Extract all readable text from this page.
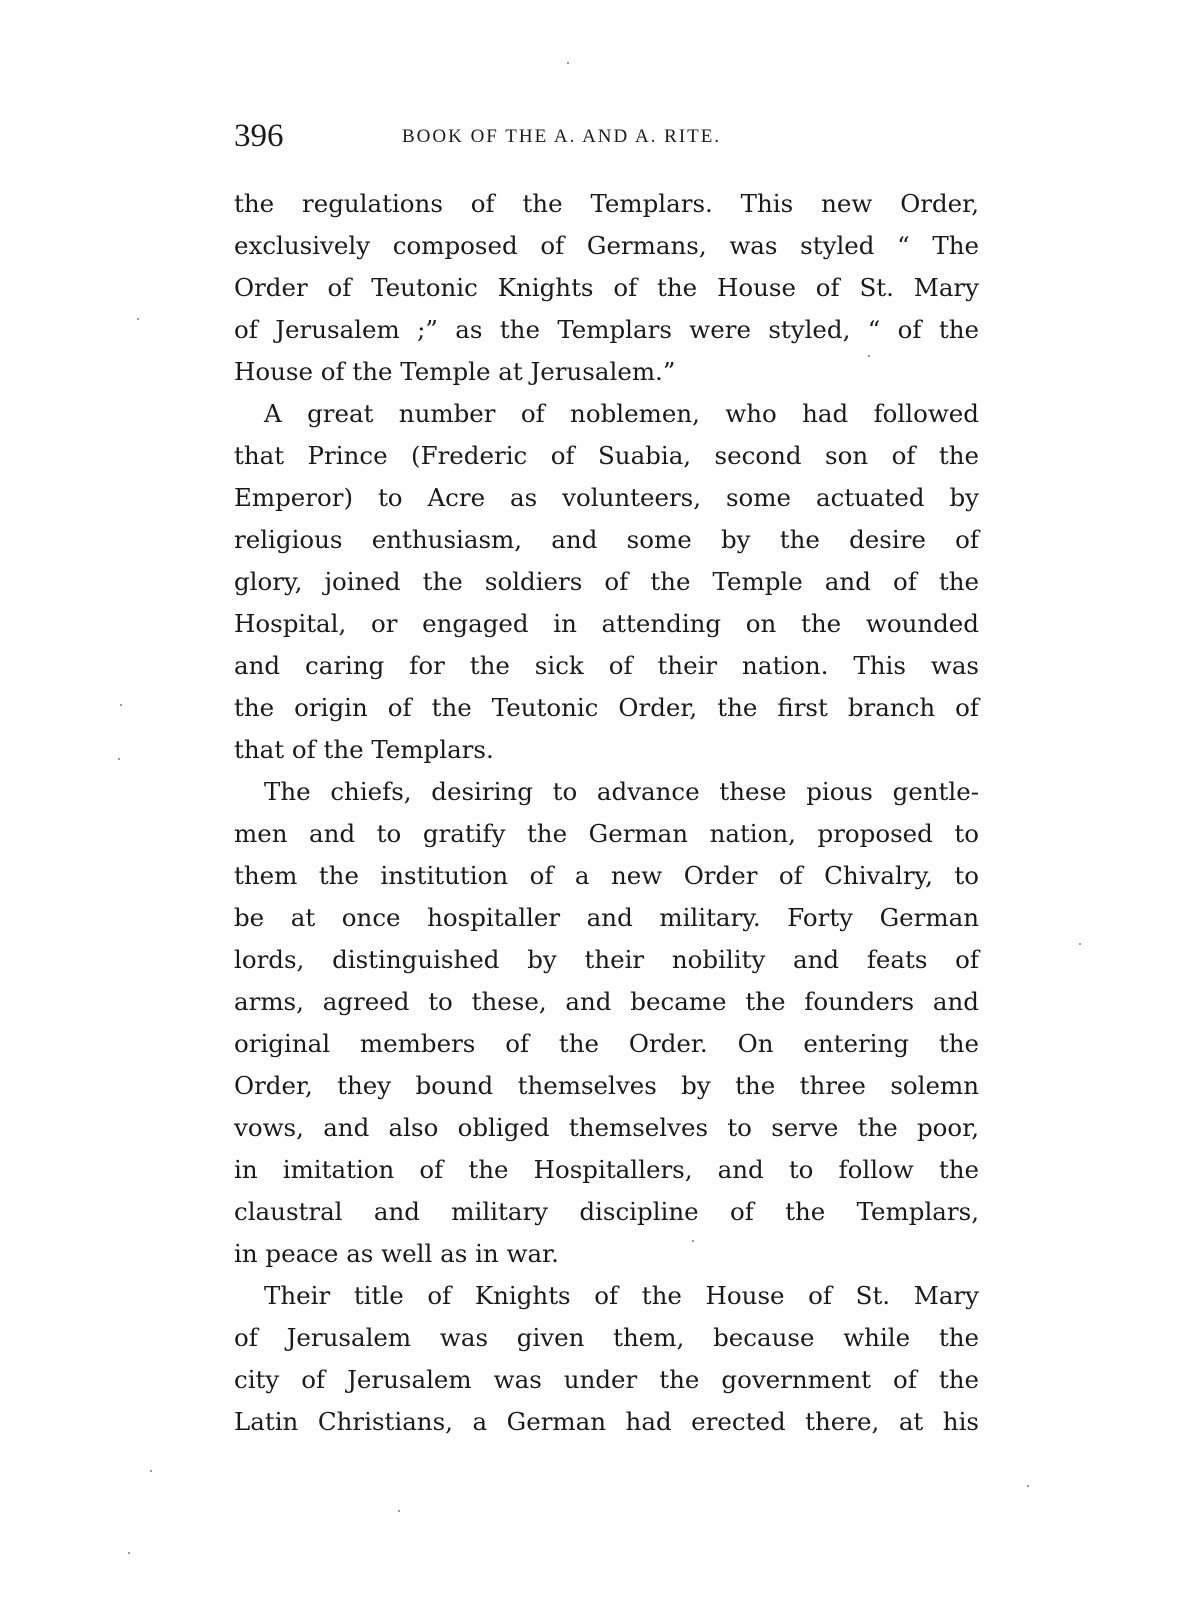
396	BOOK OF THE A. AND A. RITE.
the regulations of the Templars. This new Order,
exclusively composed of Germans, was styled “ The
Order of Teutonic Knights of the House of St. Mary
of Jerusalem ;” as the Templars were styled, “ of the
House of the Temple at Jerusalem.”
A great number of noblemen, who had followed
that Prince (Frederic of Suabia, second son of the
Emperor) to Acre as volunteers, some actuated by
religious enthusiasm, and some by the desire of
glory, joined the soldiers of the Temple and of the
Hospital, or engaged in attending on the wounded
and caring for the sick of their nation. This was
the origin of the Teutonic Order, the first branch of
that of the Templars.
The chiefs, desiring to advance these pious gentle-
men and to gratify the German nation, proposed to
them the institution of a new Order of Chivalry, to
be at once hospitaller and military. Forty German
lords, distinguished by their nobility and feats of
arms, agreed to these, and became the founders and
original members of the Order. On entering the
Order, they bound themselves by the three solemn
vows, and also obliged themselves to serve the poor,
in imitation of the Hospitallers, and to follow the
claustral and military discipline of the Templars,
in peace as well as in war.
Their title of Knights of the House of St. Mary
of Jerusalem was given them, because while the
city of Jerusalem was under the government of the
Latin Christians, a German had erected there, at his
